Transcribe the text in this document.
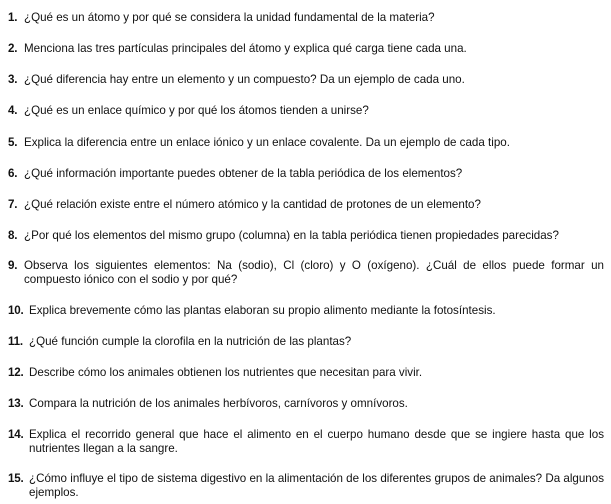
1. ¿Qué es un átomo y por qué se considera la unidad fundamental de la materia?
2. Menciona las tres partículas principales del átomo y explica qué carga tiene cada una.
3. ¿Qué diferencia hay entre un elemento y un compuesto? Da un ejemplo de cada uno.
4. ¿Qué es un enlace químico y por qué los átomos tienden a unirse?
5. Explica la diferencia entre un enlace iónico y un enlace covalente. Da un ejemplo de cada tipo.
6. ¿Qué información importante puedes obtener de la tabla periódica de los elementos?
7. ¿Qué relación existe entre el número atómico y la cantidad de protones de un elemento?
8. ¿Por qué los elementos del mismo grupo (columna) en la tabla periódica tienen propiedades parecidas?
9. Observa los siguientes elementos: Na (sodio), Cl (cloro) y O (oxígeno). ¿Cuál de ellos puede formar un compuesto iónico con el sodio y por qué?
10. Explica brevemente cómo las plantas elaboran su propio alimento mediante la fotosíntesis.
11. ¿Qué función cumple la clorofila en la nutrición de las plantas?
12. Describe cómo los animales obtienen los nutrientes que necesitan para vivir.
13. Compara la nutrición de los animales herbívoros, carnívoros y omnívoros.
14. Explica el recorrido general que hace el alimento en el cuerpo humano desde que se ingiere hasta que los nutrientes llegan a la sangre.
15. ¿Cómo influye el tipo de sistema digestivo en la alimentación de los diferentes grupos de animales? Da algunos ejemplos.
